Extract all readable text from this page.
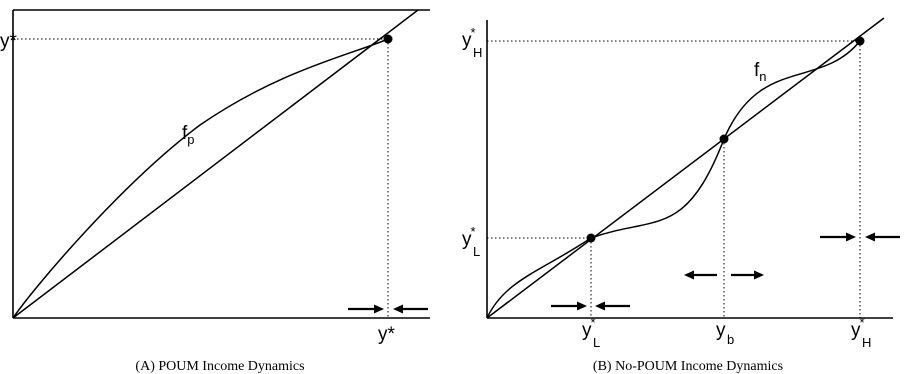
y*
y*
$f_p$
(A) POUM Income Dynamics
y*
H
y*
L
y*
L
y b	y*
H
$f_n$
(B) No-POUM Income Dynamics
